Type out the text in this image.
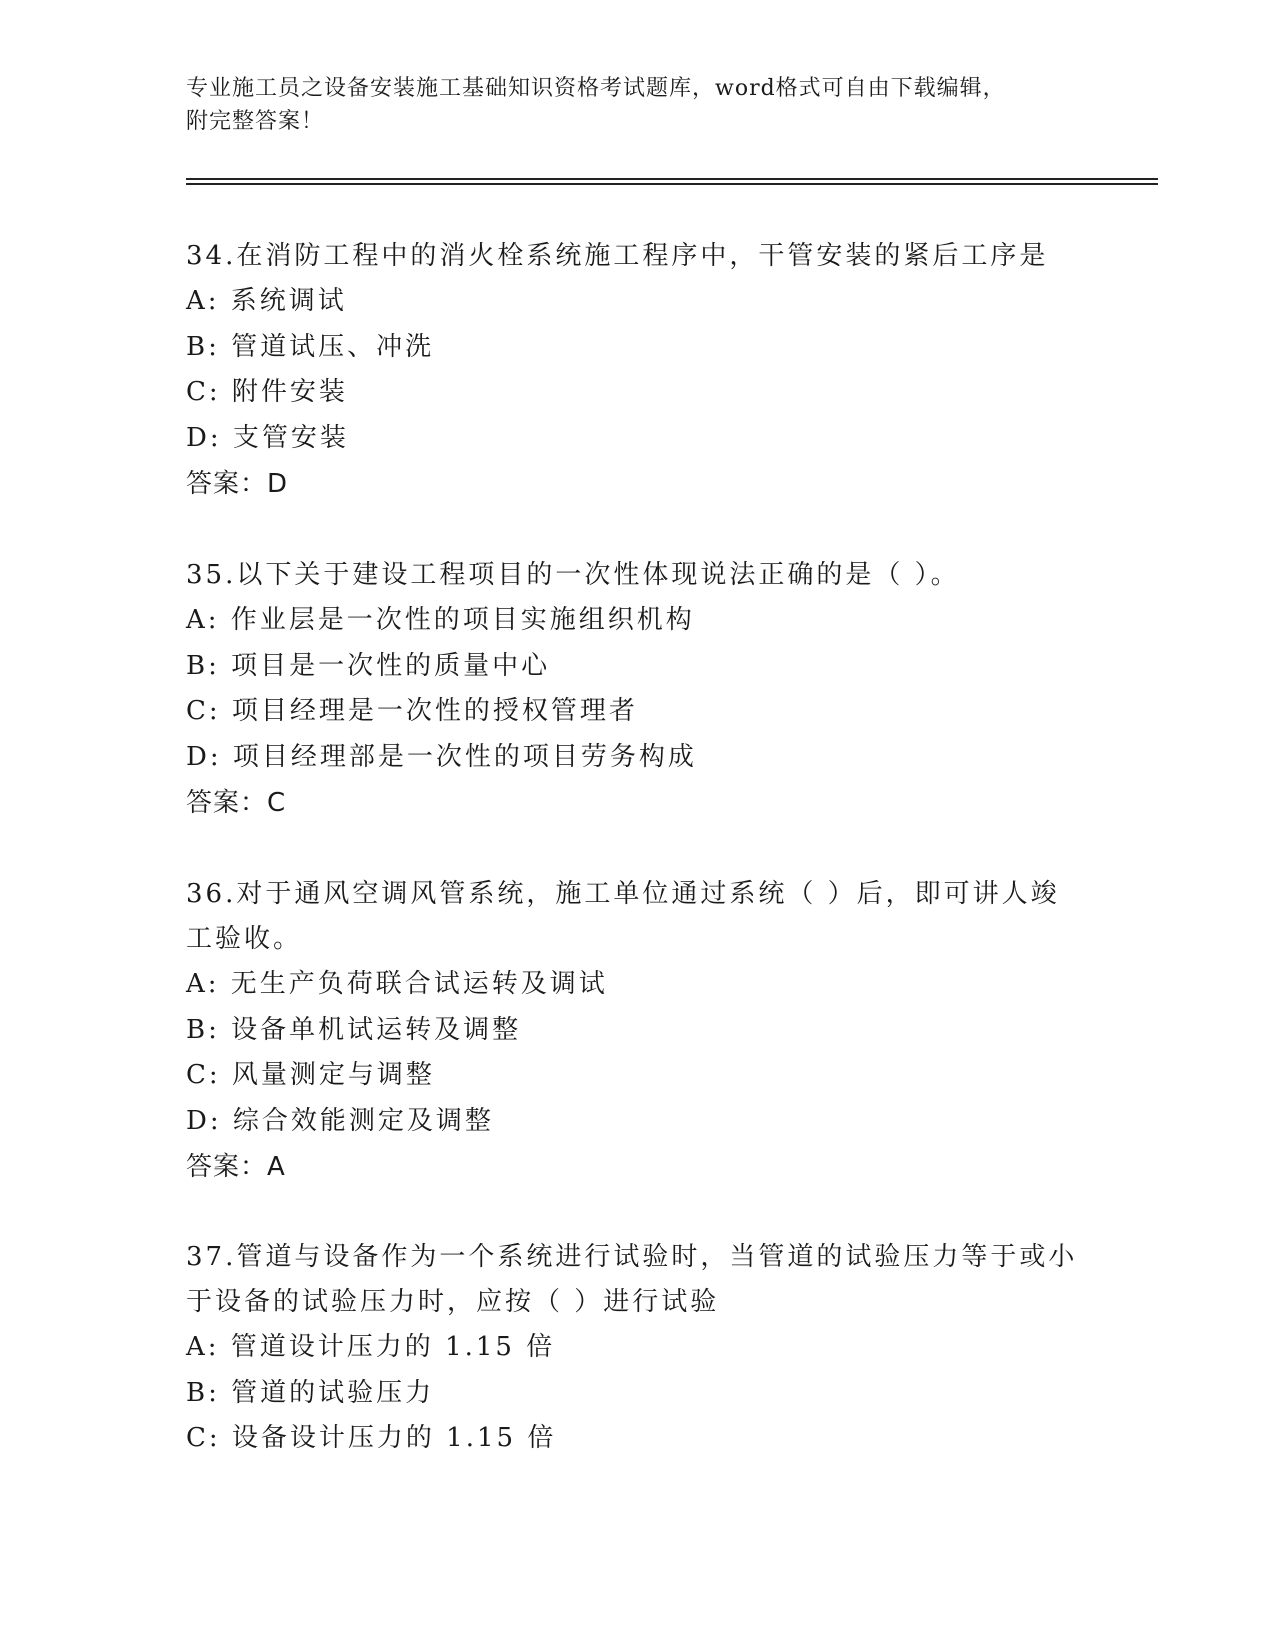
专业施工员之设备安装施工基础知识资格考试题库，word格式可自由下载编辑，
附完整答案！

34.在消防工程中的消火栓系统施工程序中，干管安装的紧后工序是

A: 系统调试

B: 管道试压、冲洗

C: 附件安装

D: 支管安装

答案：D

35.以下关于建设工程项目的一次性体现说法正确的是（ ）。

A: 作业层是一次性的项目实施组织机构

B: 项目是一次性的质量中心

C: 项目经理是一次性的授权管理者

D: 项目经理部是一次性的项目劳务构成

答案：C

36.对于通风空调风管系统，施工单位通过系统（ ）后，即可讲人竣

工验收。

A: 无生产负荷联合试运转及调试

B: 设备单机试运转及调整

C: 风量测定与调整

D: 综合效能测定及调整

答案：A

37.管道与设备作为一个系统进行试验时，当管道的试验压力等于或小

于设备的试验压力时，应按（ ）进行试验

A: 管道设计压力的 1.15 倍

B: 管道的试验压力

C: 设备设计压力的 1.15 倍
